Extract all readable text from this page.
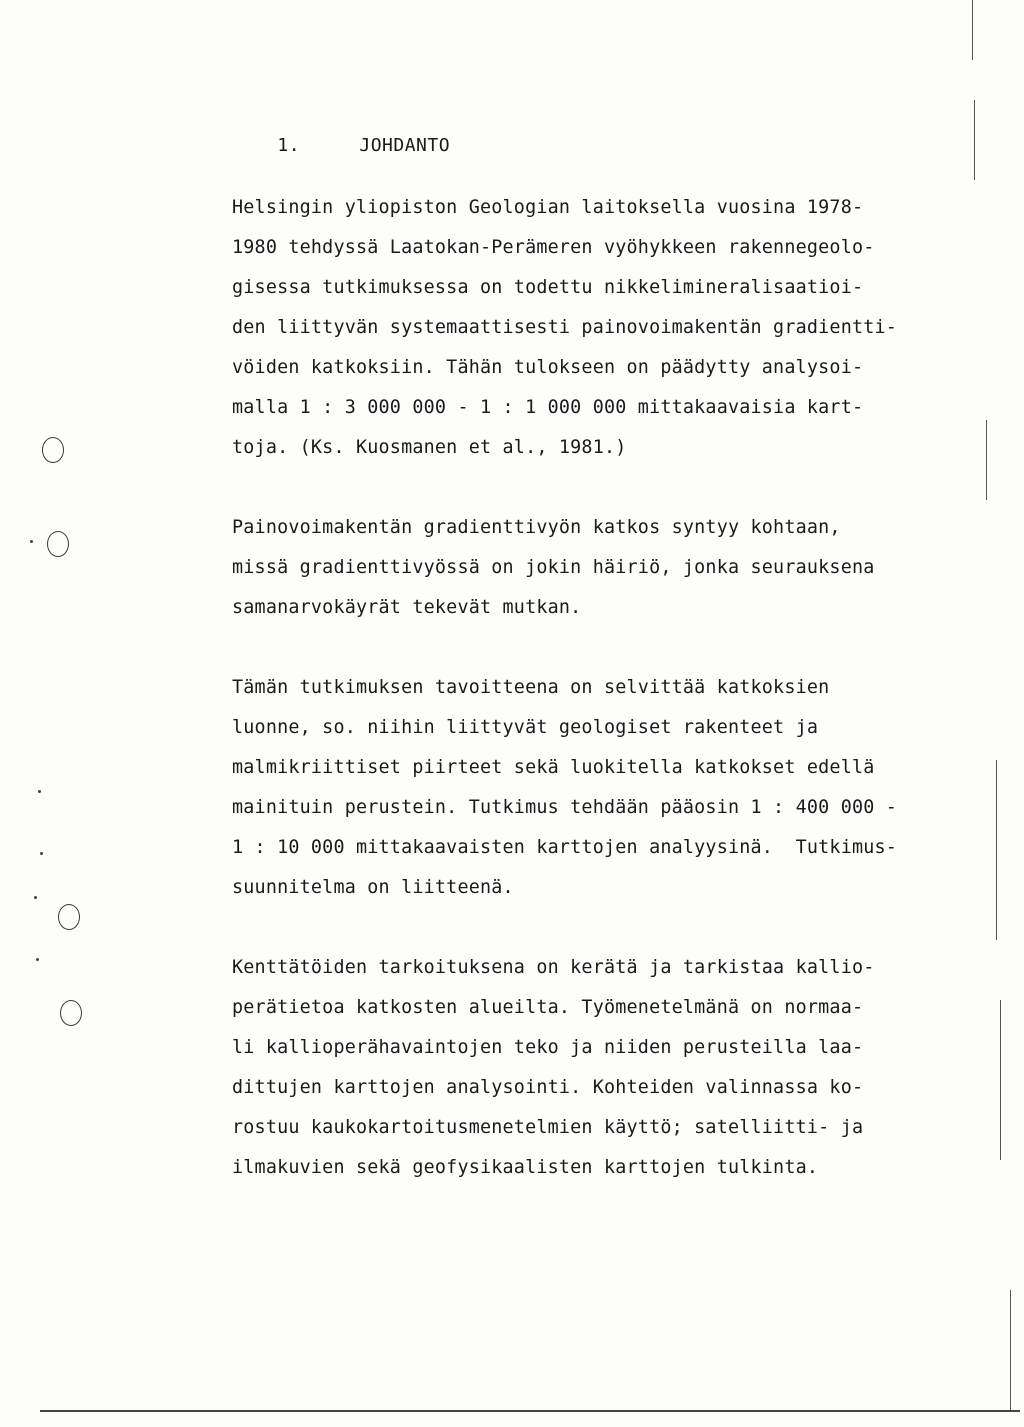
1.	JOHDANTO

Helsingin yliopiston Geologian laitoksella vuosina 1978-
1980 tehdyssä Laatokan-Perämeren vyöhykkeen rakennegeolo-
gisessa tutkimuksessa on todettu nikkelimineralisaatioi-
den liittyvän systemaattisesti painovoimakentän gradientti-
vöiden katkoksiin. Tähän tulokseen on päädytty analysoi-
malla 1 : 3 000 000 - 1 : 1 000 000 mittakaavaisia kart-
toja. (Ks. Kuosmanen et al., 1981.)
Painovoimakentän gradienttivyön katkos syntyy kohtaan,
missä gradienttivyössä on jokin häiriö, jonka seurauksena
samanarvokäyrät tekevät mutkan.
Tämän tutkimuksen tavoitteena on selvittää katkoksien
luonne, so. niihin liittyvät geologiset rakenteet ja
malmikriittiset piirteet sekä luokitella katkokset edellä
mainituin perustein. Tutkimus tehdään pääosin 1 : 400 000 -
1 : 10 000 mittakaavaisten karttojen analyysinä.  Tutkimus-
suunnitelma on liitteenä.
Kenttätöiden tarkoituksena on kerätä ja tarkistaa kallio-
perätietoa katkosten alueilta. Työmenetelmänä on normaa-
li kallioperähavaintojen teko ja niiden perusteilla laa-
dittujen karttojen analysointi. Kohteiden valinnassa ko-
rostuu kaukokartoitusmenetelmien käyttö; satelliitti- ja
ilmakuvien sekä geofysikaalisten karttojen tulkinta.
